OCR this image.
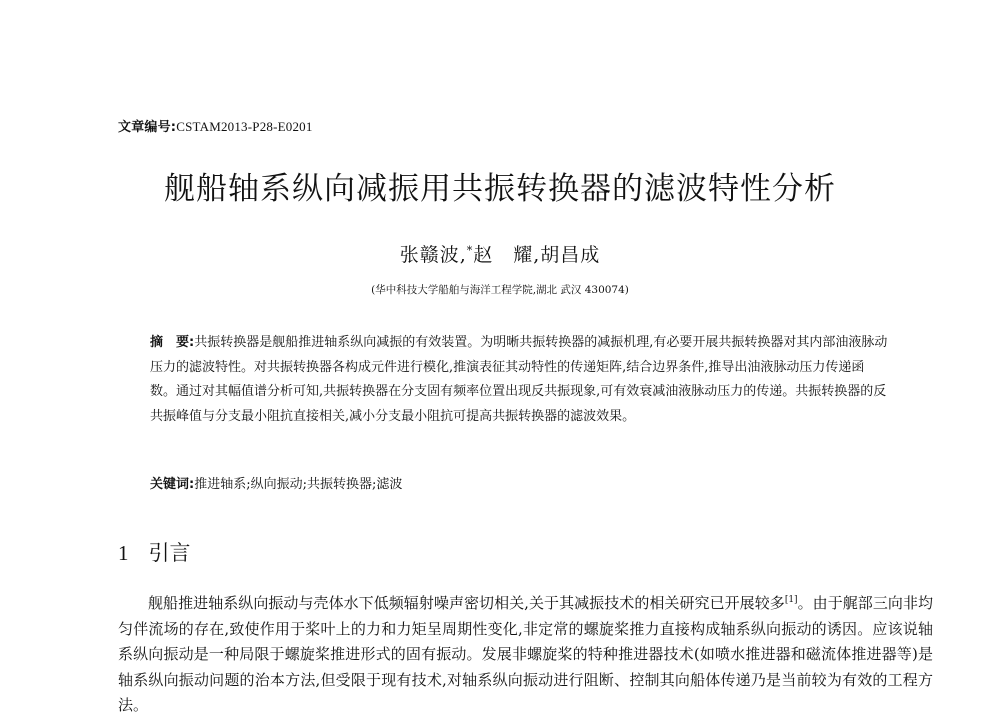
文章编号:CSTAM2013-P28-E0201
舰船轴系纵向减振用共振转换器的滤波特性分析
张赣波,*赵　耀,胡昌成
(华中科技大学船舶与海洋工程学院,湖北 武汉 430074)

摘　要:共振转换器是舰船推进轴系纵向减振的有效装置。为明晰共振转换器的减振机理,有必要开展共振转换器对其内部油液脉动压力的滤波特性。对共振转换器各构成元件进行模化,推演表征其动特性的传递矩阵,结合边界条件,推导出油液脉动压力传递函数。通过对其幅值谱分析可知,共振转换器在分支固有频率位置出现反共振现象,可有效衰减油液脉动压力的传递。共振转换器的反共振峰值与分支最小阻抗直接相关,减小分支最小阻抗可提高共振转换器的滤波效果。

关键词:推进轴系;纵向振动;共振转换器;滤波
1 引言

舰船推进轴系纵向振动与壳体水下低频辐射噪声密切相关,关于其减振技术的相关研究已开展较多[1]。由于艉部三向非均匀伴流场的存在,致使作用于桨叶上的力和力矩呈周期性变化,非定常的螺旋桨推力直接构成轴系纵向振动的诱因。应该说轴系纵向振动是一种局限于螺旋桨推进形式的固有振动。发展非螺旋桨的特种推进器技术(如喷水推进器和磁流体推进器等)是轴系纵向振动问题的治本方法,但受限于现有技术,对轴系纵向振动进行阻断、控制其向船体传递乃是当前较为有效的工程方法。
